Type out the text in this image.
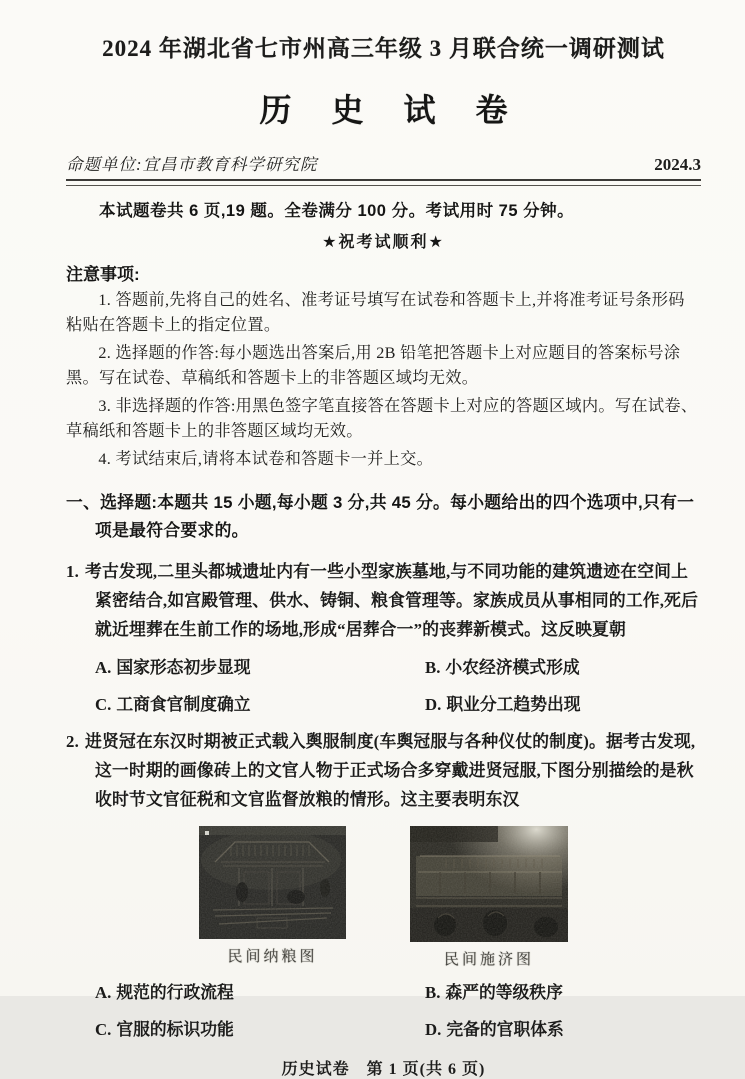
2024 年湖北省七市州高三年级 3 月联合统一调研测试
历 史 试 卷
命题单位:宜昌市教育科学研究院	2024.3
本试题卷共 6 页,19 题。全卷满分 100 分。考试用时 75 分钟。
★祝考试顺利★
注意事项:

1. 答题前,先将自己的姓名、准考证号填写在试卷和答题卡上,并将准考证号条形码粘贴在答题卡上的指定位置。

2. 选择题的作答:每小题选出答案后,用 2B 铅笔把答题卡上对应题目的答案标号涂黑。写在试卷、草稿纸和答题卡上的非答题区域均无效。

3. 非选择题的作答:用黑色签字笔直接答在答题卡上对应的答题区域内。写在试卷、草稿纸和答题卡上的非答题区域均无效。

4. 考试结束后,请将本试卷和答题卡一并上交。

一、选择题:本题共 15 小题,每小题 3 分,共 45 分。每小题给出的四个选项中,只有一项是最符合要求的。
1. 考古发现,二里头都城遗址内有一些小型家族墓地,与不同功能的建筑遗迹在空间上紧密结合,如宫殿管理、供水、铸铜、粮食管理等。家族成员从事相同的工作,死后就近埋葬在生前工作的场地,形成“居葬合一”的丧葬新模式。这反映夏朝
A. 国家形态初步显现	B. 小农经济模式形成
C. 工商食官制度确立	D. 职业分工趋势出现
2. 进贤冠在东汉时期被正式载入舆服制度(车舆冠服与各种仪仗的制度)。据考古发现,这一时期的画像砖上的文官人物于正式场合多穿戴进贤冠服,下图分别描绘的是秋收时节文官征税和文官监督放粮的情形。这主要表明东汉
民间纳粮图	民间施济图
A. 规范的行政流程	B. 森严的等级秩序
C. 官服的标识功能	D. 完备的官职体系
历史试卷　第 1 页(共 6 页)
